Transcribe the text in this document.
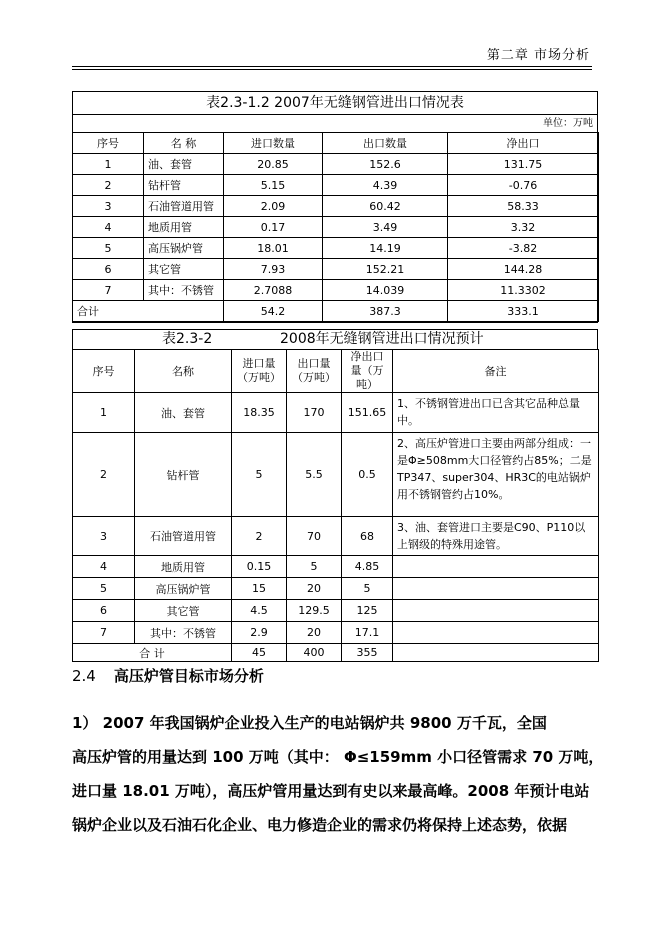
第二章 市场分析
表2.3-1.2 2007年无缝钢管进出口情况表
单位：万吨
序号	名 称	进口数量	出口数量	净出口
1	油、套管	20.85	152.6	131.75
2	钻杆管	5.15	4.39	-0.76
3	石油管道用管	2.09	60.42	58.33
4	地质用管	0.17	3.49	3.32
5	高压锅炉管	18.01	14.19	-3.82
6	其它管	7.93	152.21	144.28
7	其中：不锈管	2.7088	14.039	11.3302
合计		54.2	387.3	333.1
表2.3-2	2008年无缝钢管进出口情况预计
序号	名称	进口量（万吨）	出口量（万吨）	净出口量（万吨）	备注
1	油、套管	18.35	170	151.65	1、不锈钢管进出口已含其它品种总量中。
2	钻杆管	5	5.5	0.5	2、高压炉管进口主要由两部分组成：一是Φ≥508mm大口径管约占85%；二是TP347、super304、HR3C的电站锅炉用不锈钢管约占10%。
3	石油管道用管	2	70	68	3、油、套管进口主要是C90、P110以上钢级的特殊用途管。
4	地质用管	0.15	5	4.85	
5	高压锅炉管	15	20	5	
6	其它管	4.5	129.5	125	
7	其中：不锈管	2.9	20	17.1	
合 计		45	400	355	
2.4 高压炉管目标市场分析

1） 2007 年我国锅炉企业投入生产的电站锅炉共 9800 万千瓦，全国

高压炉管的用量达到 100 万吨（其中： Φ≤159mm 小口径管需求 70 万吨，

进口量 18.01 万吨），高压炉管用量达到有史以来最高峰。2008 年预计电站

锅炉企业以及石油石化企业、电力修造企业的需求仍将保持上述态势，依据
